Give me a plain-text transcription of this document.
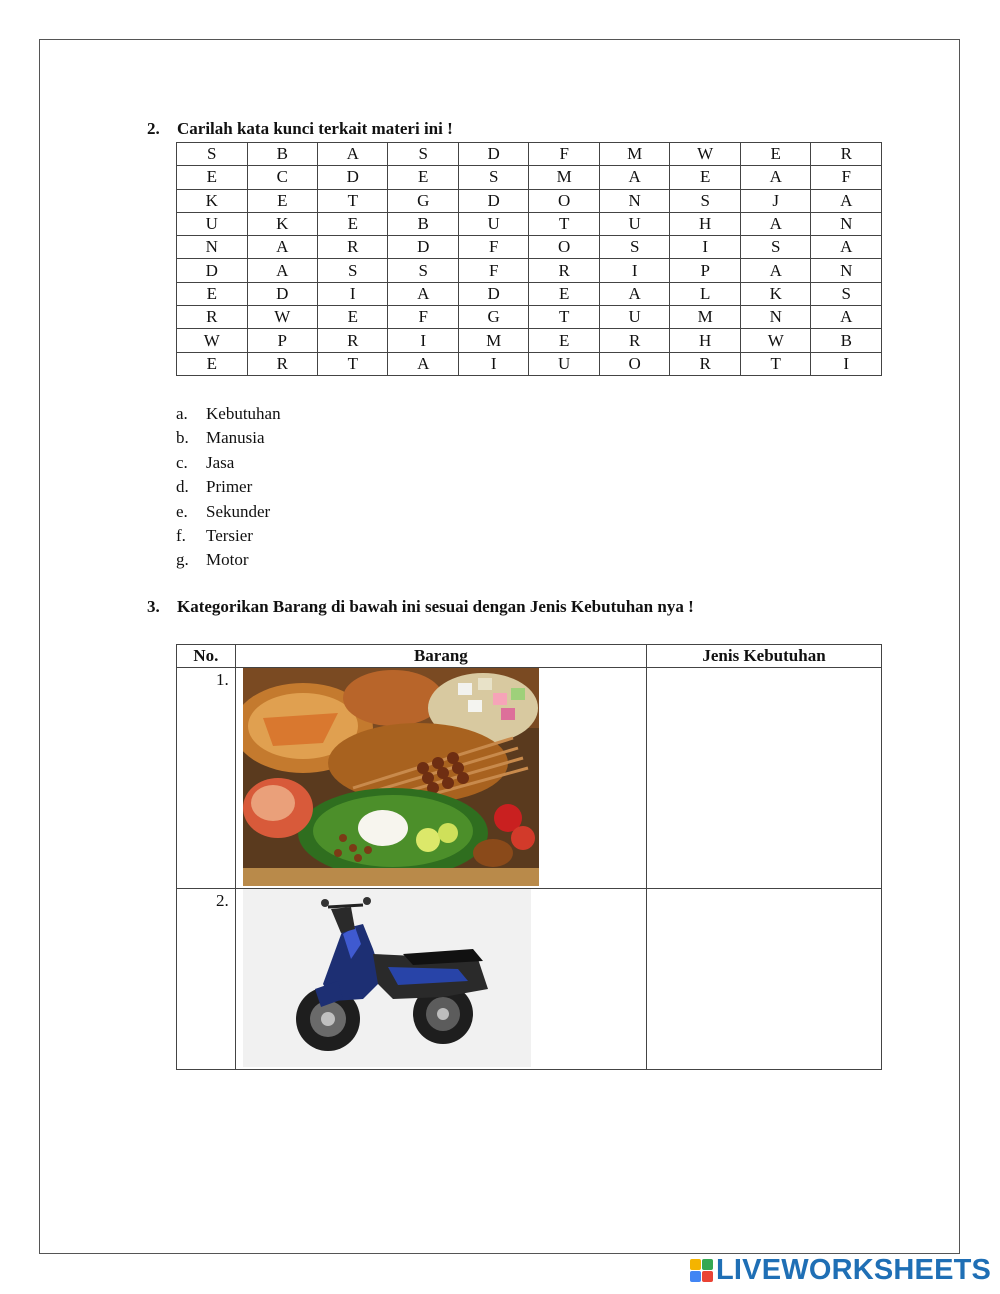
2. Carilah kata kunci terkait materi ini !
S	B	A	S	D	F	M	W	E	R
E	C	D	E	S	M	A	E	A	F
K	E	T	G	D	O	N	S	J	A
U	K	E	B	U	T	U	H	A	N
N	A	R	D	F	O	S	I	S	A
D	A	S	S	F	R	I	P	A	N
E	D	I	A	D	E	A	L	K	S
R	W	E	F	G	T	U	M	N	A
W	P	R	I	M	E	R	H	W	B
E	R	T	A	I	U	O	R	T	I
a. Kebutuhan
b. Manusia
c. Jasa
d. Primer
e. Sekunder
f. Tersier
g. Motor
3. Kategorikan Barang di bawah ini sesuai dengan Jenis Kebutuhan nya !
No.	Barang	Jenis Kebutuhan
1.	

2.	

LIVEWORKSHEETS
